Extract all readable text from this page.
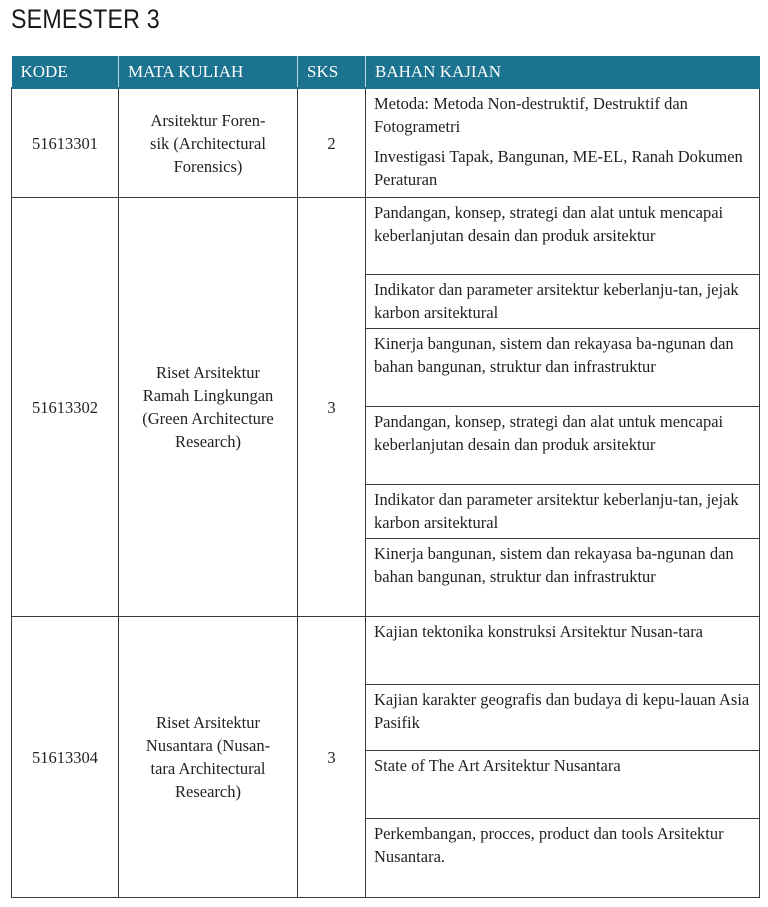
SEMESTER 3
KODE	MATA KULIAH	SKS	BAHAN KAJIAN
51613301	Arsitektur Foren-
sik (Architectural
Forensics)	2	Metoda: Metoda Non-destruktif, Destruktif dan Fotogrametri
			Investigasi Tapak, Bangunan, ME-EL, Ranah Dokumen Peraturan
51613302	Riset Arsitektur
Ramah Lingkungan
(Green Architecture
Research)	3	Pandangan, konsep, strategi dan alat untuk mencapai keberlanjutan desain dan produk arsitektur
			Indikator dan parameter arsitektur keberlanju-tan, jejak karbon arsitektural
			Kinerja bangunan, sistem dan rekayasa ba-ngunan dan bahan bangunan, struktur dan infrastruktur
			Pandangan, konsep, strategi dan alat untuk mencapai keberlanjutan desain dan produk arsitektur
			Indikator dan parameter arsitektur keberlanju-tan, jejak karbon arsitektural
			Kinerja bangunan, sistem dan rekayasa ba-ngunan dan bahan bangunan, struktur dan infrastruktur
51613304	Riset Arsitektur
Nusantara (Nusan-
tara Architectural
Research)	3	Kajian tektonika konstruksi Arsitektur Nusan-tara
			Kajian karakter geografis dan budaya di kepu-lauan Asia Pasifik
			State of The Art Arsitektur Nusantara
			Perkembangan, procces, product dan tools Arsitektur Nusantara.
